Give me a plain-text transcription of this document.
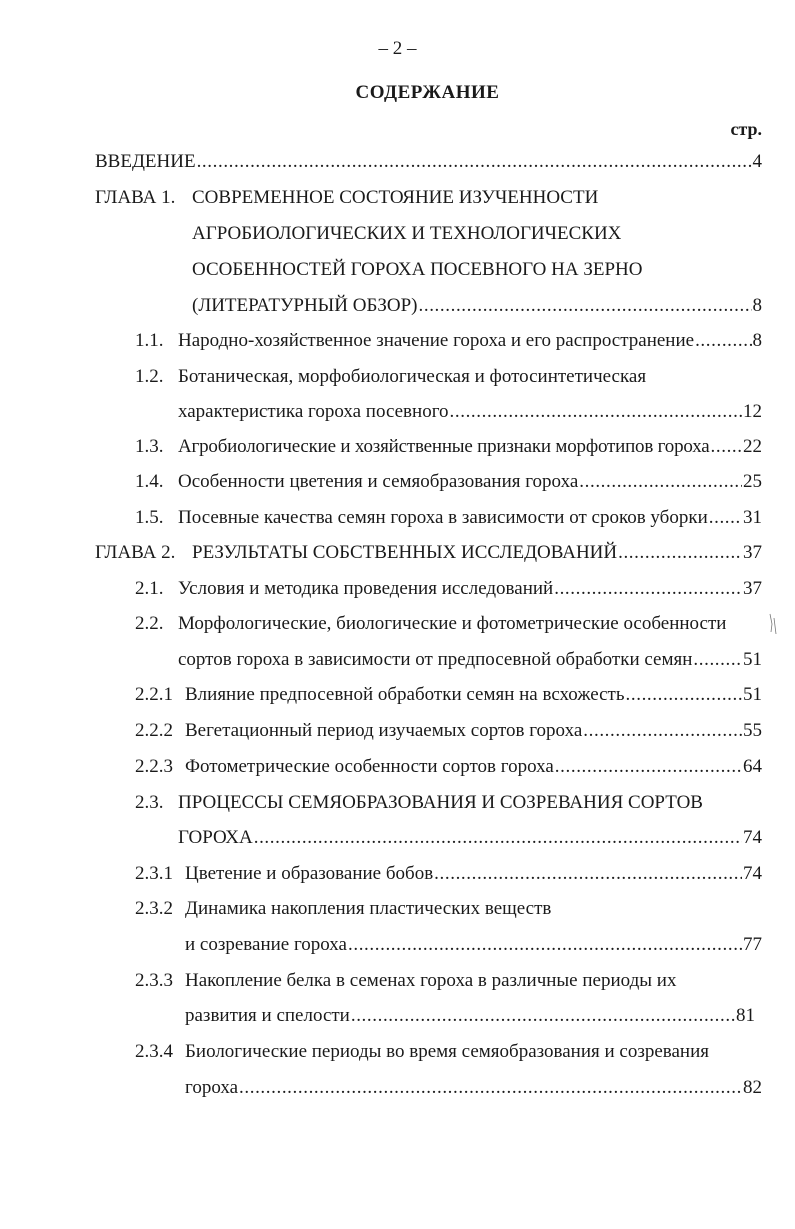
– 2 –
СОДЕРЖАНИЕ
стр.
ВВЕДЕНИЕ .....	4
ГЛАВА 1. СОВРЕМЕННОЕ СОСТОЯНИЕ ИЗУЧЕННОСТИ
АГРОБИОЛОГИЧЕСКИХ И ТЕХНОЛОГИЧЕСКИХ
ОСОБЕННОСТЕЙ ГОРОХА ПОСЕВНОГО НА ЗЕРНО
(ЛИТЕРАТУРНЫЙ ОБЗОР) .....	8
1.1. Народно-хозяйственное значение гороха и его распространение .....	8
1.2. Ботаническая, морфобиологическая и фотосинтетическая
характеристика гороха посевного .....	12
1.3. Агробиологические и хозяйственные признаки морфотипов гороха ..... 22
1.4. Особенности цветения и семяобразования гороха .....	25
1.5. Посевные качества семян гороха в зависимости от сроков уборки ..... 31
ГЛАВА 2. РЕЗУЛЬТАТЫ СОБСТВЕННЫХ ИССЛЕДОВАНИЙ .....	37
2.1. Условия и методика проведения исследований .....	37
2.2. Морфологические, биологические и фотометрические особенности
сортов гороха в зависимости от предпосевной обработки семян .....	51
2.2.1 Влияние предпосевной обработки семян на всхожесть .....	51
2.2.2 Вегетационный период изучаемых сортов гороха .....	55
2.2.3 Фотометрические особенности сортов гороха .....	64
2.3. ПРОЦЕССЫ СЕМЯОБРАЗОВАНИЯ И СОЗРЕВАНИЯ СОРТОВ
ГОРОХА .....	74
2.3.1 Цветение и образование бобов .....	74
2.3.2 Динамика накопления пластических веществ
и созревание гороха .....	77
2.3.3 Накопление белка в семенах гороха в различные периоды их
развития и спелости .....	81
2.3.4 Биологические периоды во время семяобразования и созревания
гороха .....	82
